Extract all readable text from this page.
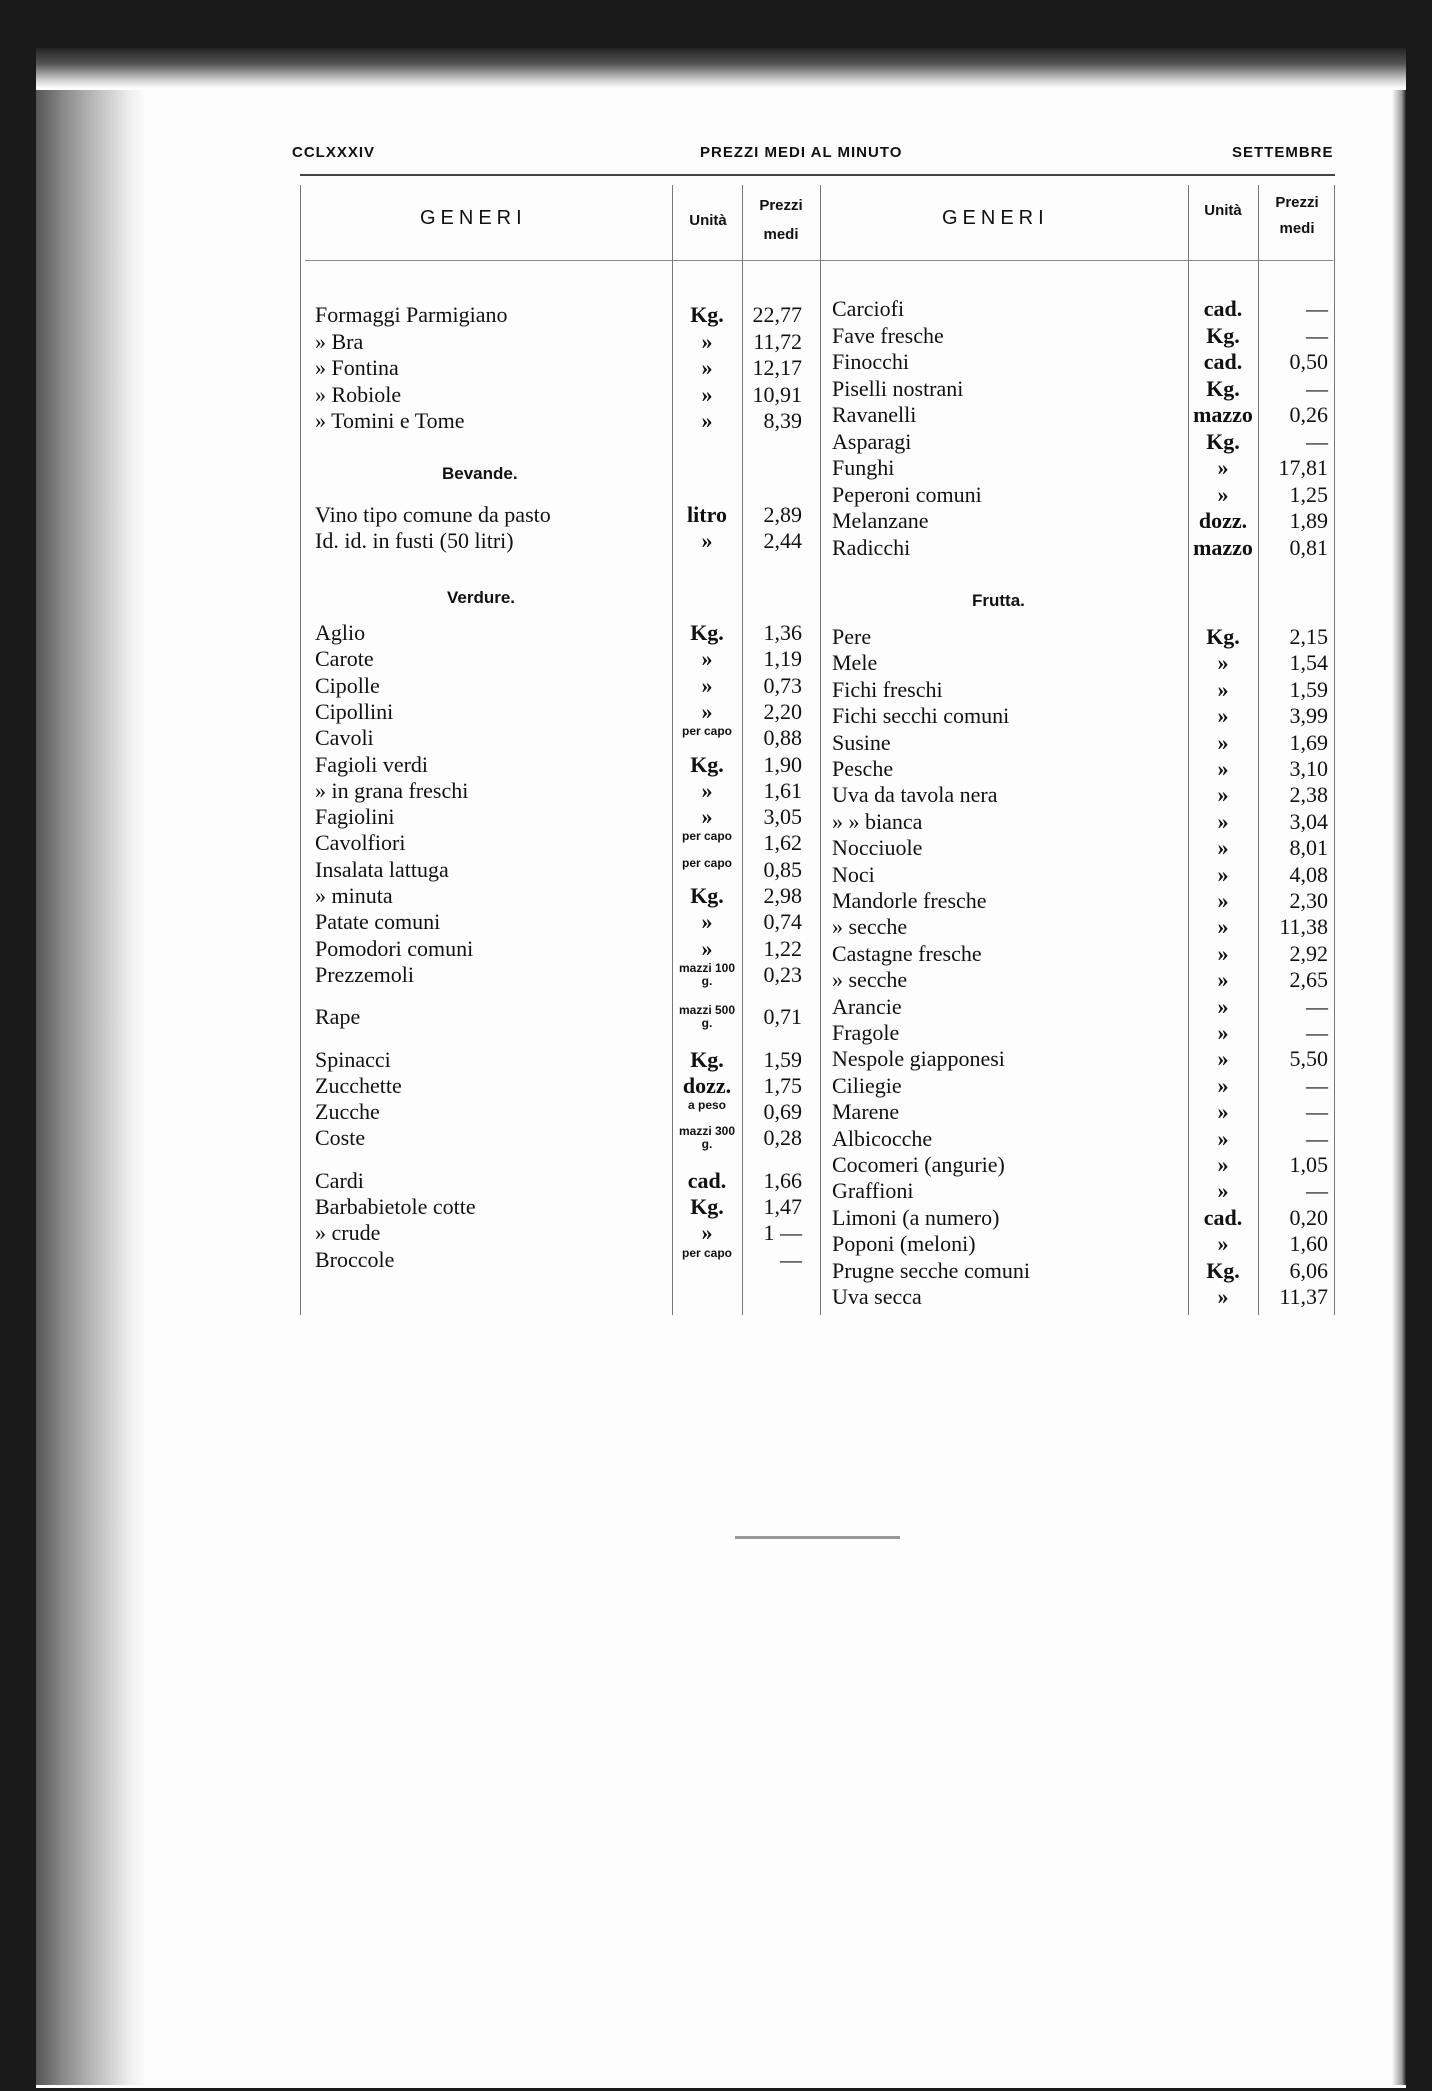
CCLXXXIV	PREZZI MEDI AL MINUTO	SETTEMBRE
GENERI	Unità
Prezzi
medi
GENERI	Unità	Prezzi
medi
Bevande.
Verdure.	Frutta.
Formaggi Parmigiano	Kg.	22,77
» Bra	»	11,72
» Fontina	»	12,17
» Robiole	»	10,91
» Tomini e Tome	»	8,39
Vino tipo comune da pasto	litro	2,89
Id. id. in fusti (50 litri)	»	2,44
Aglio	Kg.	1,36
Carote	»	1,19
Cipolle	»	0,73
Cipollini	»	2,20
Cavoli	per capo	0,88
Fagioli verdi	Kg.	1,90
» in grana freschi	»	1,61
Fagiolini	»	3,05
Cavolfiori	per capo	1,62
Insalata lattuga	per capo	0,85
» minuta	Kg.	2,98
Patate comuni	»	0,74
Pomodori comuni	»	1,22
Prezzemoli	mazzi 100 g.	0,23
Rape	mazzi 500 g.	0,71
Spinacci	Kg.	1,59
Zucchette	dozz.	1,75
Zucche	a peso	0,69
Coste	mazzi 300 g.	0,28
Cardi	cad.	1,66
Barbabietole cotte	Kg.	1,47
» crude	»	1 —
Broccole	per capo	—
Carciofi	cad.	—
Fave fresche	Kg.	—
Finocchi	cad.	0,50
Piselli nostrani	Kg.	—
Ravanelli	mazzo	0,26
Asparagi	Kg.	—
Funghi	»	17,81
Peperoni comuni	»	1,25
Melanzane	dozz.	1,89
Radicchi	mazzo	0,81
Pere	Kg.	2,15
Mele	»	1,54
Fichi freschi	»	1,59
Fichi secchi comuni	»	3,99
Susine	»	1,69
Pesche	»	3,10
Uva da tavola nera	»	2,38
» » bianca	»	3,04
Nocciuole	»	8,01
Noci	»	4,08
Mandorle fresche	»	2,30
» secche	»	11,38
Castagne fresche	»	2,92
» secche	»	2,65
Arancie	»	—
Fragole	»	—
Nespole giapponesi	»	5,50
Ciliegie	»	—
Marene	»	—
Albicocche	»	—
Cocomeri (angurie)	»	1,05
Graffioni	»	—
Limoni (a numero)	cad.	0,20
Poponi (meloni)	»	1,60
Prugne secche comuni	Kg.	6,06
Uva secca	»	11,37
